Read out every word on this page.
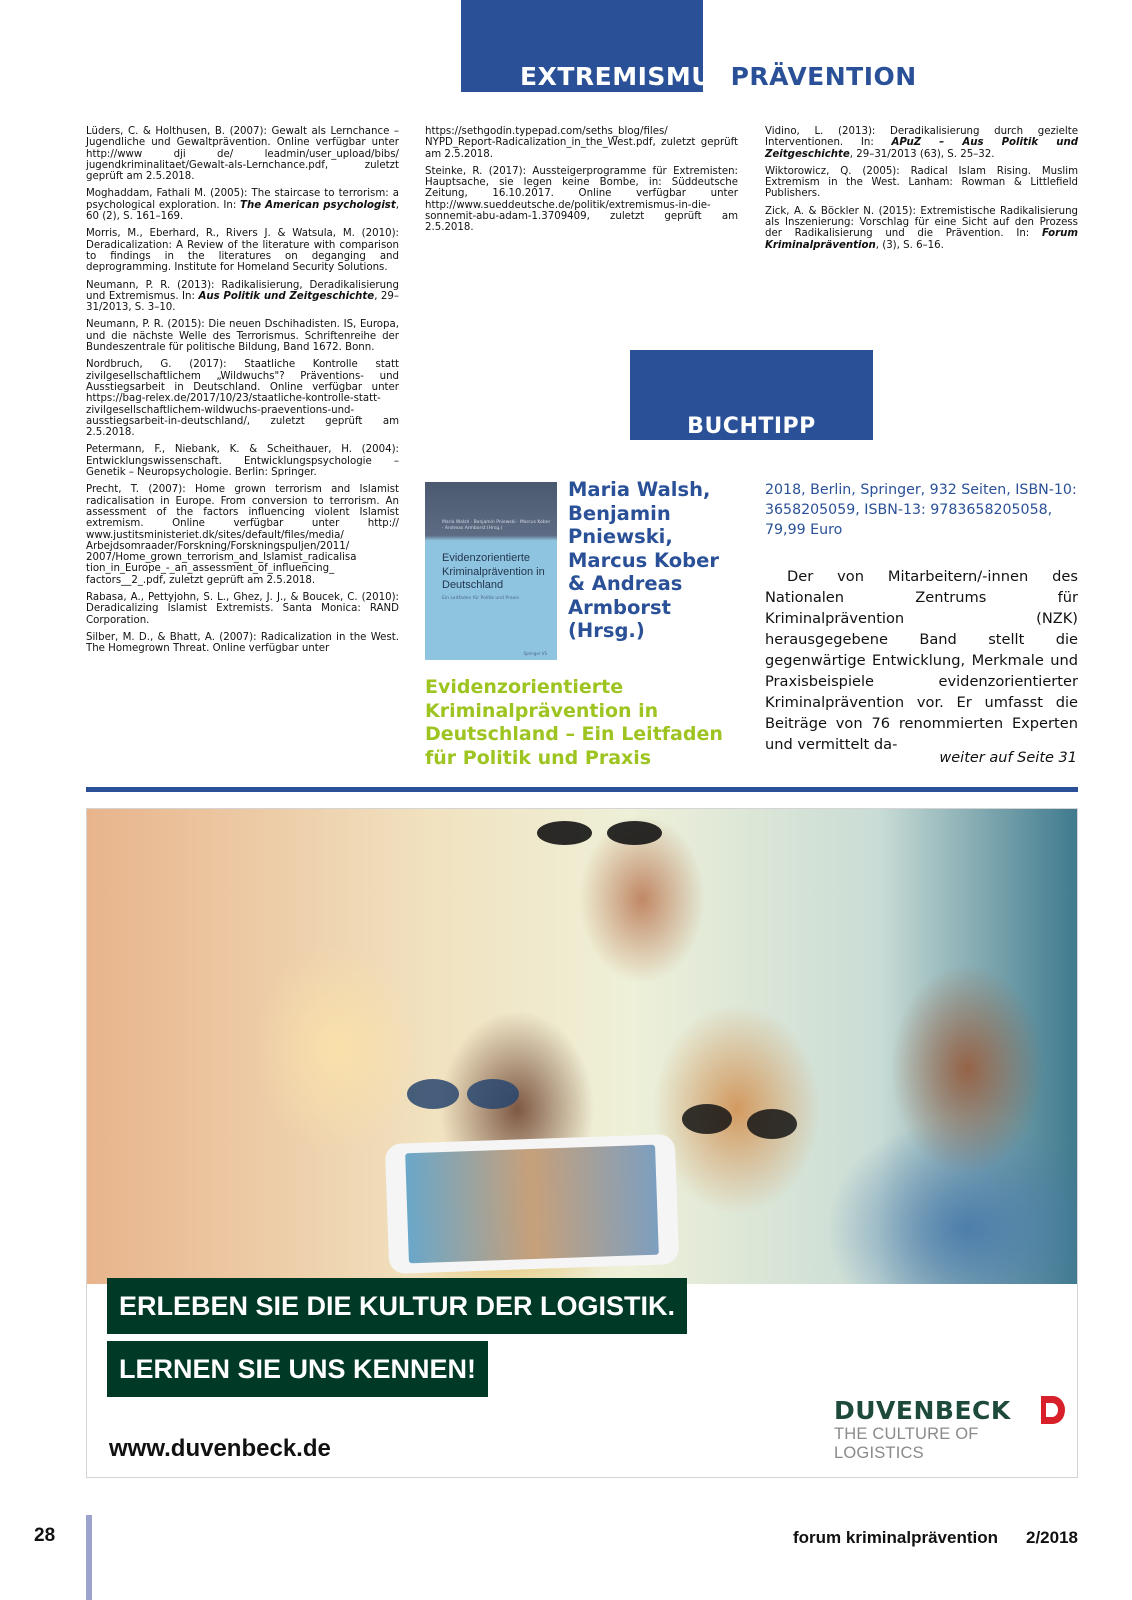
EXTREMISMUSPRÄVENTION

Lüders, C. & Holthusen, B. (2007): Gewalt als Lernchance – Jugendliche und Gewaltprävention. Online verfügbar unter http://www dji de/ leadmin/user_upload/bibs/ jugendkriminalitaet/Gewalt-als-Lernchance.pdf, zuletzt geprüft am 2.5.2018.

Moghaddam, Fathali M. (2005): The staircase to terrorism: a psychological exploration. In: The American psychologist, 60 (2), S. 161–169.

Morris, M., Eberhard, R., Rivers J. & Watsula, M. (2010): Deradicalization: A Review of the literature with comparison to findings in the literatures on deganging and deprogramming. Institute for Homeland Security Solutions.

Neumann, P. R. (2013): Radikalisierung, Deradikalisierung und Extremismus. In: Aus Politik und Zeitgeschichte, 29–31/2013, S. 3–10.

Neumann, P. R. (2015): Die neuen Dschihadisten. IS, Europa, und die nächste Welle des Terrorismus. Schriftenreihe der Bundeszentrale für politische Bildung, Band 1672. Bonn.

Nordbruch, G. (2017): Staatliche Kontrolle statt zivilgesellschaftlichem „Wildwuchs"? Präventions- und Ausstiegsarbeit in Deutschland. Online verfügbar unter https://bag-relex.de/2017/10/23/staatliche-kontrolle-statt-zivilgesellschaftlichem-wildwuchs-praeventions-und-ausstiegsarbeit-in-deutschland/, zuletzt geprüft am 2.5.2018.

Petermann, F., Niebank, K. & Scheithauer, H. (2004): Entwicklungswissenschaft. Entwicklungspsychologie – Genetik – Neuropsychologie. Berlin: Springer.

Precht, T. (2007): Home grown terrorism and Islamist radicalisation in Europe. From conversion to terrorism. An assessment of the factors influencing violent Islamist extremism. Online verfügbar unter http:// www.justitsministeriet.dk/sites/default/files/media/ Arbejdsomraader/Forskning/Forskningspuljen/2011/ 2007/Home_grown_terrorism_and_Islamist_radicalisa tion_in_Europe_-_an_assessment_of_influencing_ factors__2_.pdf, zuletzt geprüft am 2.5.2018.

Rabasa, A., Pettyjohn, S. L., Ghez, J. J., & Boucek, C. (2010): Deradicalizing Islamist Extremists. Santa Monica: RAND Corporation.

Silber, M. D., & Bhatt, A. (2007): Radicalization in the West. The Homegrown Threat. Online verfügbar unter

https://sethgodin.typepad.com/seths_blog/files/ NYPD_Report-Radicalization_in_the_West.pdf, zuletzt geprüft am 2.5.2018.

Steinke, R. (2017): Aussteigerprogramme für Extremisten: Hauptsache, sie legen keine Bombe, in: Süddeutsche Zeitung, 16.10.2017. Online verfügbar unter http://www.sueddeutsche.de/politik/extremismus-in-die-sonnemit-abu-adam-1.3709409, zuletzt geprüft am 2.5.2018.

Vidino, L. (2013): Deradikalisierung durch gezielte Interventionen. In: APuZ – Aus Politik und Zeitgeschichte, 29–31/2013 (63), S. 25–32.

Wiktorowicz, Q. (2005): Radical Islam Rising. Muslim Extremism in the West. Lanham: Rowman & Littlefield Publishers.

Zick, A. & Böckler N. (2015): Extremistische Radikalisierung als Inszenierung: Vorschlag für eine Sicht auf den Prozess der Radikalisierung und die Prävention. In: Forum Kriminalprävention, (3), S. 6–16.

BUCHTIPP
Maria Walsh · Benjamin Pniewski · Marcus Kober · Andreas Armborst (Hrsg.)
Evidenzorientierte Kriminalprävention in Deutschland
Ein Leitfaden für Politik und Praxis
Springer VS
Maria Walsh, Benjamin Pniewski, Marcus Kober & Andreas Armborst (Hrsg.)
Evidenzorientierte Kriminalprävention in Deutschland – Ein Leitfaden für Politik und Praxis
2018, Berlin, Springer, 932 Seiten, ISBN-10: 3658205059, ISBN-13: 9783658205058, 79,99 Euro
Der von Mitarbeitern/-innen des Nationalen Zentrums für Kriminalprävention (NZK) herausgegebene Band stellt die gegenwärtige Entwicklung, Merkmale und Praxisbeispiele evidenzorientierter Kriminalprävention vor. Er umfasst die Beiträge von 76 renommierten Experten und vermittelt da-
weiter auf Seite 31
ERLEBEN SIE DIE KULTUR DER LOGISTIK.
LERNEN SIE UNS KENNEN!
www.duvenbeck.de
DUVENBECK
THE CULTURE OF LOGISTICS
28	forum kriminalprävention 2/2018
